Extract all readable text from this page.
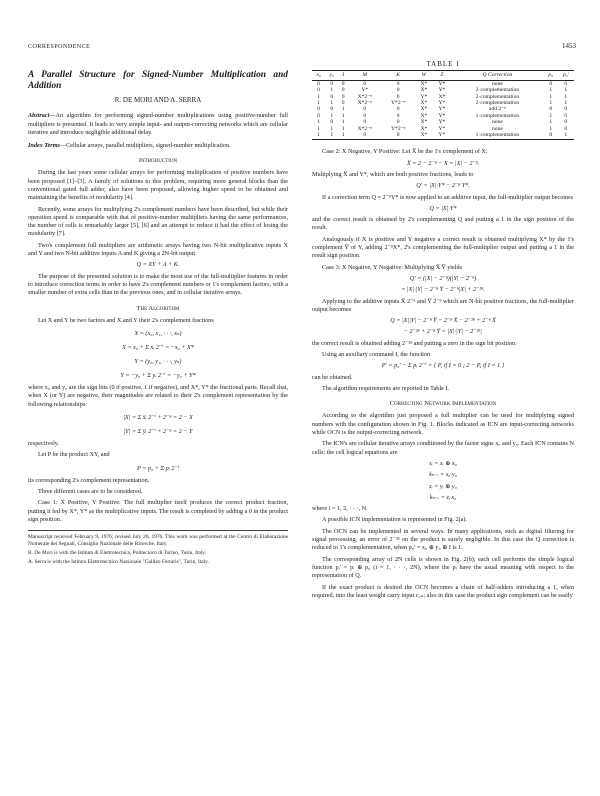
CORRESPONDENCE	1453
A Parallel Structure for Signed-Number Multiplication and Addition
R. DE MORI AND A. SERRA
Abstract—An algorithm for performing signed-number multiplications using positive-number full multipliers is presented. It leads to very simple input- and output-correcting networks which are cellular iterative and introduce negligible additional delay.
Index Terms—Cellular arrays, parallel multipliers, signed-number multiplication.
Introduction

During the last years some cellular arrays for performing multiplication of positive numbers have been proposed [1]–[3]. A family of solutions to this problem, requiring more general blocks than the conventional gated full adder, also have been proposed, allowing higher speed to be obtained and maintaining the benefits of modularity [4].

Recently, some arrays for multiplying 2's complement numbers have been described, but while their operation speed is comparable with that of positive-number multipliers having the same performances, the number of cells is remarkably larger [5], [6] and an attempt to reduce it had the effect of losing the modularity [7].

Two's complement full multipliers are arithmetic arrays having two N-bit multiplicative inputs X and Y and two N-bit additive inputs A and K giving a 2N-bit output

Q = XY + A + K.

The purpose of the presented solution is to make the most use of the full-multiplier features in order to introduce correction terms in order to have 2's complement numbers or 1's complement factors, with a smaller number of extra cells than in the previous ones, and in cellular iterative arrays.

The Algorithm

Let X and Y be two factors and X and Y their 2's complement fractions

X = (x₀, x₁, · · ·, xₙ)
X = x₀ + Σ xᵢ 2⁻ⁱ = −x₀ + X*
Y = (y₀, y₁, · · ·, yₙ)
Y = −y₀ + Σ yᵢ 2⁻ⁱ = −y₀ + Y*

where x₀ and y₀ are the sign bits (0 if positive, 1 if negative), and X*, Y* the fractional parts. Recall that, when X (or Y) are negative, their magnitudes are related to their 2's complement representation by the following relationships:

|X| = Σ x̅ᵢ 2⁻ⁱ + 2⁻ⁿ = 2 − X
|Y| = Σ y̅ᵢ 2⁻ⁱ + 2⁻ⁿ = 2 − Y

respectively.

Let P be the product XY, and

P = p₀ + Σ pᵢ 2⁻ⁱ

its corresponding 2's complement representation.

Three different cases are to be considered.

Case 1: X Positive, Y Positive: The full multiplier itself produces the correct product fraction, putting it fed by X*, Y* as the multiplicative inputs. The result is completed by adding a 0 in the product sign position.

Manuscript received February 9, 1976; revised July 26, 1976. This work was performed at the Centro di Elaborazione Numerale dei Segnali, Consiglio Nazionale delle Ricerche, Italy.
R. De Mori is with the Istituto di Elettrotecnica, Politecnico di Torino, Turin, Italy.
A. Serra is with the Istituto Elettrotecnico Nazionale "Galileo Ferraris", Turin, Italy.
TABLE I
x₀	y₀	I	M	K	W	Z	Q Correction	p₀	p₀′
0	0	0	0	0	X*	Y*	none	0	0
0	1	0	Y*	0	X*	Y*	2·complementation	1	1
1	0	0	X*2⁻ⁿ	0	Y*	X*	2·complementation	1	1
1	1	0	X*2⁻ⁿ	Y*2⁻ⁿ	X*	Y*	2·complementation	1	1
0	0	1	0	0	X*	Y*	add 2⁻ⁿ	0	0
0	1	1	0	0	X*	Y*	1·complementation	1	0
1	0	1	0	0	X*	Y*	none	1	0
1	1	1	X*2⁻ⁿ	Y*2⁻ⁿ	X*	Y*	none	1	0
1	1	1	0	0	X*	Y*	1·complementation	0	1

Case 2: X Negative, Y Positive: Let X̅ be the 1's complement of X:

X̅ = 2 − 2⁻ⁿ − X = |X| − 2⁻ⁿ.

Multiplying X̅ and Y*, which are both positive fractions, leads to

Q′ = |X|·Y* − 2⁻ⁿ Y*.

If a correction term Q = 2⁻ⁿY* is now applied to an additive input, the full-multiplier output becomes

Q = |X|·Y*

and the correct result is obtained by 2's complementing Q and putting a 1 in the sign position of the result.

Analogously if X is positive and Y negative a correct result is obtained multiplying X* by the 1's complement Y̅ of Y, adding 2⁻ⁿX*, 2's complementing the full-multiplier output and putting a 1 in the result sign position.

Case 3: X Negative, Y Negative: Multiplying X̅ Y̅ yields

Q′ = (|X| − 2⁻ⁿ)(|Y| − 2⁻ⁿ)
= |X|·|Y| − 2⁻ⁿ Y̅ − 2⁻ⁿ|X| + 2⁻²ⁿ.

Applying to the additive inputs X̅ 2⁻ⁿ and Y̅ 2⁻ⁿ which are N-bit positive fractions, the full-multiplier output becomes

Q = |X||Y| − 2⁻ⁿ Y̅ − 2⁻ⁿ X̅ − 2⁻²ⁿ + 2⁻ⁿ X̅
− 2⁻²ⁿ + 2⁻ⁿ Y̅ = |X|·|Y| − 2⁻²ⁿ;

the correct result is obtained adding 2⁻²ⁿ and putting a zero in the sign bit position.

Using an auxiliary command I, the function

P′ = p₀′ − Σ pᵢ 2⁻ⁱ = { P, if I = 0 ; 2 − P, if I = 1 }

can be obtained.

The algorithm requirements are reported in Table I.

Correcting Network Implementation

According to the algorithm just proposed a full multiplier can be used for multiplying signed numbers with the configuration shown in Fig. 1. Blocks indicated as ICN are input-correcting networks while OCN is the output-correcting network.

The ICN's are cellular iterative arrays conditioned by the factor signs x₀ and y₀. Each ICN contains N cells; the cell logical equations are

sᵢ = xᵢ ⊕ x₀
kₙ₋ᵢ = s₀·y₀
zᵢ = yᵢ ⊕ y₀
kₙ₋ᵢ = zᵢ·x₀

where i = 1, 2, · · ·, N.

A possible ICN implementation is represented in Fig. 2(a).

The OCN can be implemented in several ways. In many applications, such as digital filtering for signal processing, an error of 2⁻²ⁿ on the product is surely negligible. In this case the Q correction is reduced to 1's complementation, when p₀′ = x₀ ⊕ y₀ ⊕ I is 1.

The corresponding array of 2N cells is shown in Fig. 2(b); each cell performs the simple logical function pᵢ′ = pᵢ ⊕ p₀ (i = 1, · · ·, 2N), where the pᵢ have the usual meaning with respect to the representation of Q.

If the exact product is desired the OCN becomes a chain of half-adders introducing a 1, when required, into the least weight carry input c₂ₙ; also in this case the product sign complement can be easily
